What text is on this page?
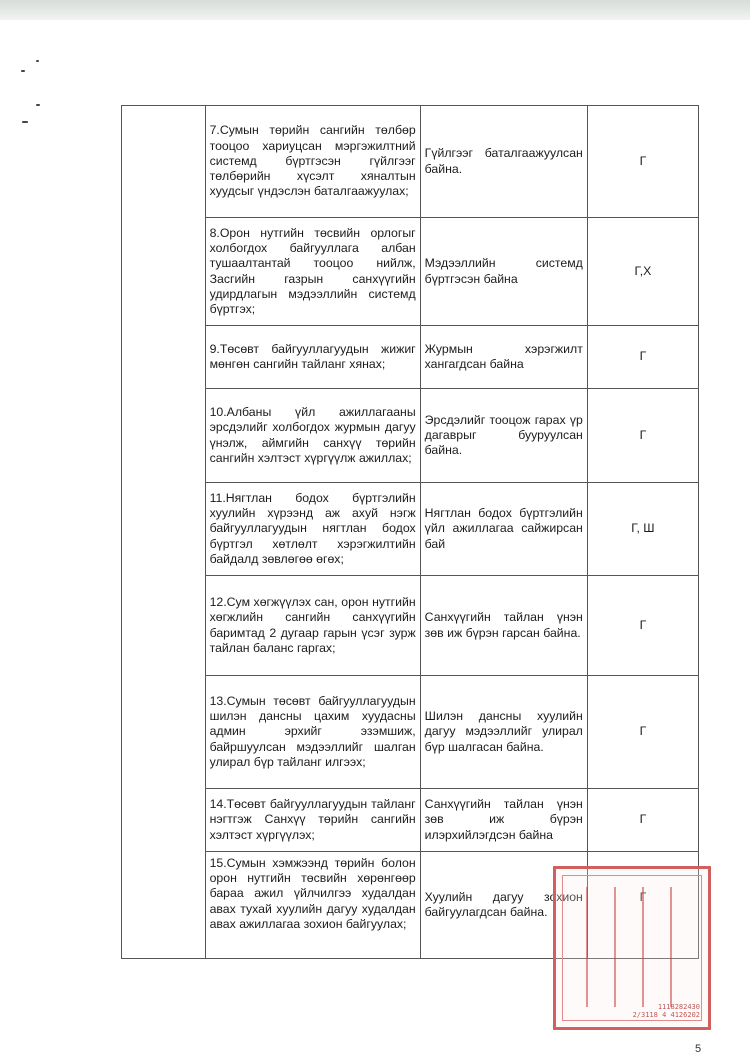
	7.Сумын төрийн сангийн төлбөр тооцоо хариуцсан мэргэжилтний системд бүртгэсэн гүйлгээг төлбөрийн хүсэлт хяналтын хуудсыг үндэслэн баталгаажуулах;	Гүйлгээг баталгаажуулсан байна.	Г
	8.Орон нутгийн төсвийн орлогыг холбогдох байгууллага албан тушаалтантай тооцоо нийлж, Засгийн газрын санхүүгийн удирдлагын мэдээллийн системд бүртгэх;	Мэдээллийн системд бүртгэсэн байна	Г,Х
	9.Төсөвт байгууллагуудын жижиг мөнгөн сангийн тайланг хянах;	Журмын хэрэгжилт хангагдсан байна	Г
	10.Албаны үйл ажиллагааны эрсдэлийг холбогдох журмын дагуу үнэлж, аймгийн санхүү төрийн сангийн хэлтэст хүргүүлж ажиллах;	Эрсдэлийг тооцож гарах үр дагаврыг бууруулсан байна.	Г
	11.Нягтлан бодох бүртгэлийн хуулийн хүрээнд аж ахуй нэгж байгууллагуудын нягтлан бодох бүртгэл хөтлөлт хэрэгжилтийн байдалд зөвлөгөө өгөх;	Нягтлан бодох бүртгэлийн үйл ажиллагаа сайжирсан бай	Г, Ш
	12.Сум хөгжүүлэх сан, орон нутгийн хөгжлийн сангийн санхүүгийн баримтад 2 дугаар гарын үсэг зурж тайлан баланс гаргах;	Санхүүгийн тайлан үнэн зөв иж бүрэн гарсан байна.	Г
	13.Сумын төсөвт байгууллагуудын шилэн дансны цахим хуудасны админ эрхийг эзэмшиж, байршуулсан мэдээллийг шалган улирал бүр тайланг илгээх;	Шилэн дансны хуулийн дагуу мэдээллийг улирал бүр шалгасан байна.	Г
	14.Төсөвт байгууллагуудын тайланг нэгтгэж Санхүү төрийн сангийн хэлтэст хүргүүлэх;	Санхүүгийн тайлан үнэн зөв иж бүрэн илэрхийлэгдсэн байна	Г
	15.Сумын хэмжээнд төрийн болон орон нутгийн төсвийн хөрөнгөөр бараа ажил үйлчилгээ худалдан авах тухай хуулийн дагуу худалдан авах ажиллагаа зохион байгуулах;	Хуулийн дагуу зохион байгуулагдсан байна.	Г
1118282430
2/3118 4 4126202
5
